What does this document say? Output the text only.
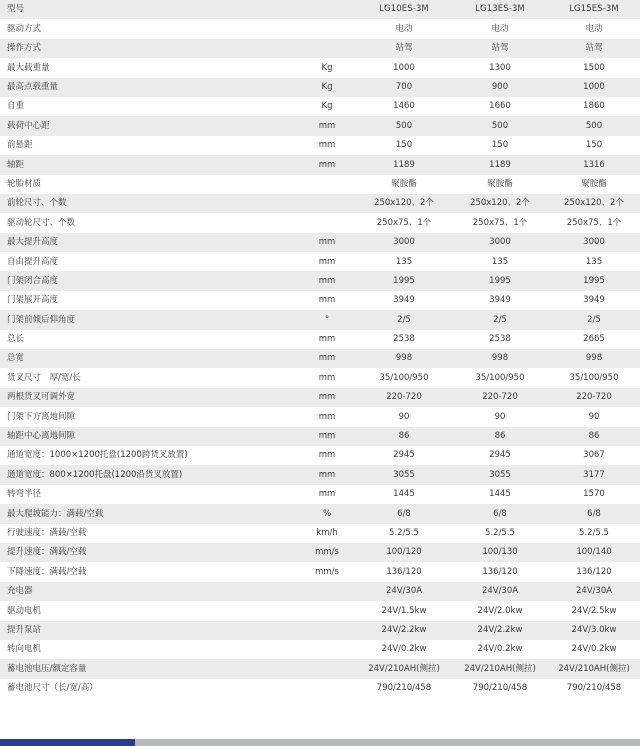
型号		LG10ES-3M	LG13ES-3M	LG15ES-3M
驱动方式		电动	电动	电动
操作方式		站驾	站驾	站驾
最大载重量	Kg	1000	1300	1500
最高点载重量	Kg	700	900	1000
自重	Kg	1460	1660	1860
载荷中心距	mm	500	500	500
前悬距	mm	150	150	150
轴距	mm	1189	1189	1316
轮胎材质		聚胺酯	聚胺酯	聚胺酯
前轮尺寸、个数		250x120、2个	250x120、2个	250x120、2个
驱动轮尺寸、个数		250x75、1个	250x75、1个	250x75、1个
最大提升高度	mm	3000	3000	3000
自由提升高度	mm	135	135	135
门架闭合高度	mm	1995	1995	1995
门架展开高度	mm	3949	3949	3949
门架前倾后仰角度	°	2/5	2/5	2/5
总长	mm	2538	2538	2665
总宽	mm	998	998	998
货叉尺寸　厚/宽/长	mm	35/100/950	35/100/950	35/100/950
两根货叉可调外宽	mm	220-720	220-720	220-720
门架下方离地间隙	mm	90	90	90
轴距中心离地间隙	mm	86	86	86
通道宽度：1000×1200托盘(1200跨货叉放置)	mm	2945	2945	3067
通道宽度：800×1200托盘(1200沿货叉放置)	mm	3055	3055	3177
转弯半径	mm	1445	1445	1570
最大爬坡能力：满载/空载	%	6/8	6/8	6/8
行驶速度：满载/空载	km/h	5.2/5.5	5.2/5.5	5.2/5.5
提升速度：满载/空载	mm/s	100/120	100/130	100/140
下降速度：满载/空载	mm/s	136/120	136/120	136/120
充电器		24V/30A	24V/30A	24V/30A
驱动电机		24V/1.5kw	24V/2.0kw	24V/2.5kw
提升泵站		24V/2.2kw	24V/2.2kw	24V/3.0kw
转向电机		24V/0.2kw	24V/0.2kw	24V/0.2kw
蓄电池电压/额定容量		24V/210AH(侧拉)	24V/210AH(侧拉)	24V/210AH(侧拉)
蓄电池尺寸（长/宽/高）		790/210/458	790/210/458	790/210/458
